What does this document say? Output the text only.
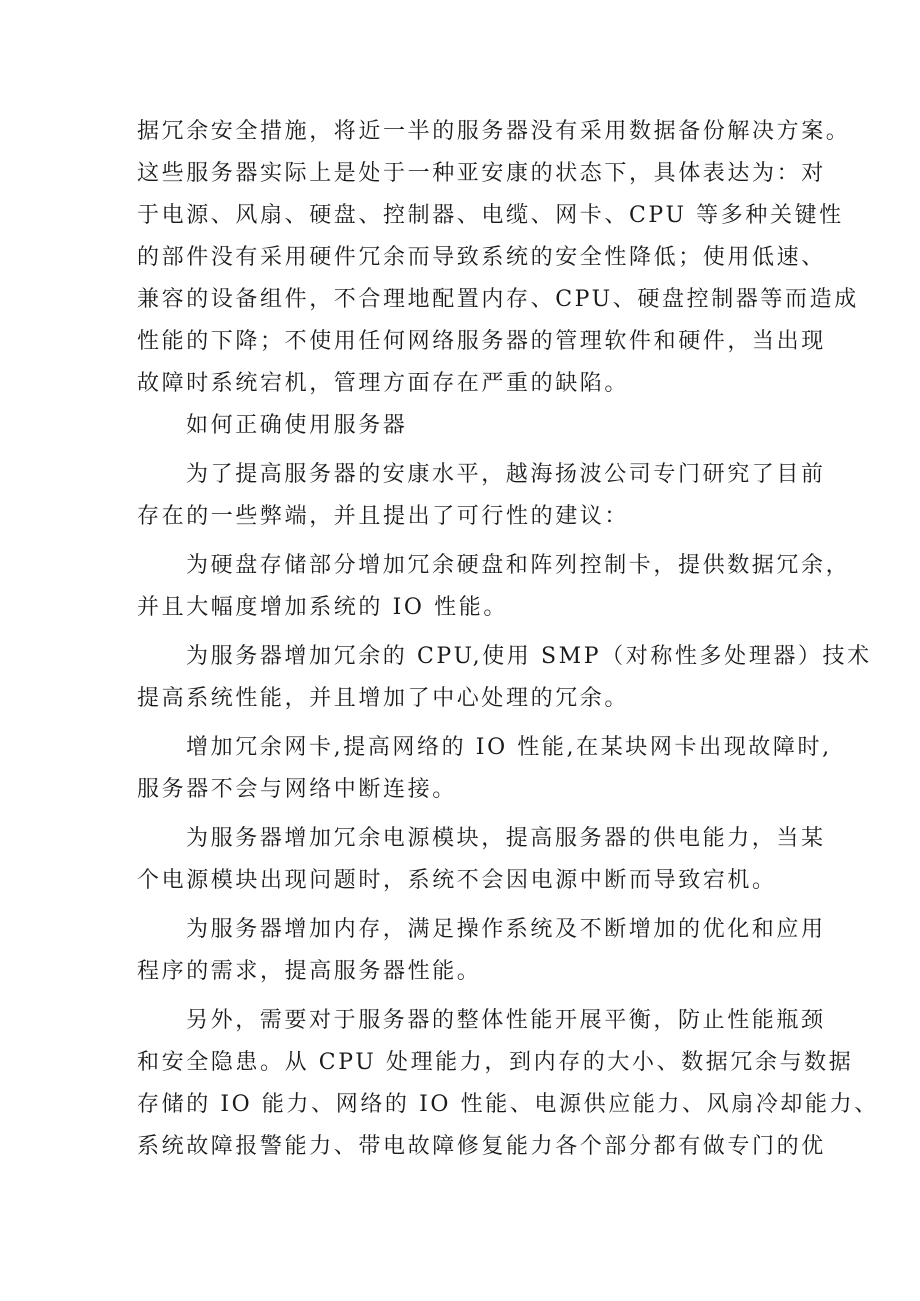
据冗余安全措施，将近一半的服务器没有采用数据备份解决方案。

这些服务器实际上是处于一种亚安康的状态下，具体表达为：对

于电源、风扇、硬盘、控制器、电缆、网卡、CPU 等多种关键性

的部件没有采用硬件冗余而导致系统的安全性降低；使用低速、

兼容的设备组件，不合理地配置内存、CPU、硬盘控制器等而造成

性能的下降；不使用任何网络服务器的管理软件和硬件，当出现

故障时系统宕机，管理方面存在严重的缺陷。

如何正确使用服务器

为了提高服务器的安康水平，越海扬波公司专门研究了目前

存在的一些弊端，并且提出了可行性的建议：

为硬盘存储部分增加冗余硬盘和阵列控制卡，提供数据冗余，

并且大幅度增加系统的 IO 性能。

为服务器增加冗余的 CPU,使用 SMP（对称性多处理器）技术

提高系统性能，并且增加了中心处理的冗余。

增加冗余网卡,提高网络的 IO 性能,在某块网卡出现故障时,

服务器不会与网络中断连接。

为服务器增加冗余电源模块，提高服务器的供电能力，当某

个电源模块出现问题时，系统不会因电源中断而导致宕机。

为服务器增加内存，满足操作系统及不断增加的优化和应用

程序的需求，提高服务器性能。

另外，需要对于服务器的整体性能开展平衡，防止性能瓶颈

和安全隐患。从 CPU 处理能力，到内存的大小、数据冗余与数据

存储的 IO 能力、网络的 IO 性能、电源供应能力、风扇冷却能力、

系统故障报警能力、带电故障修复能力各个部分都有做专门的优
